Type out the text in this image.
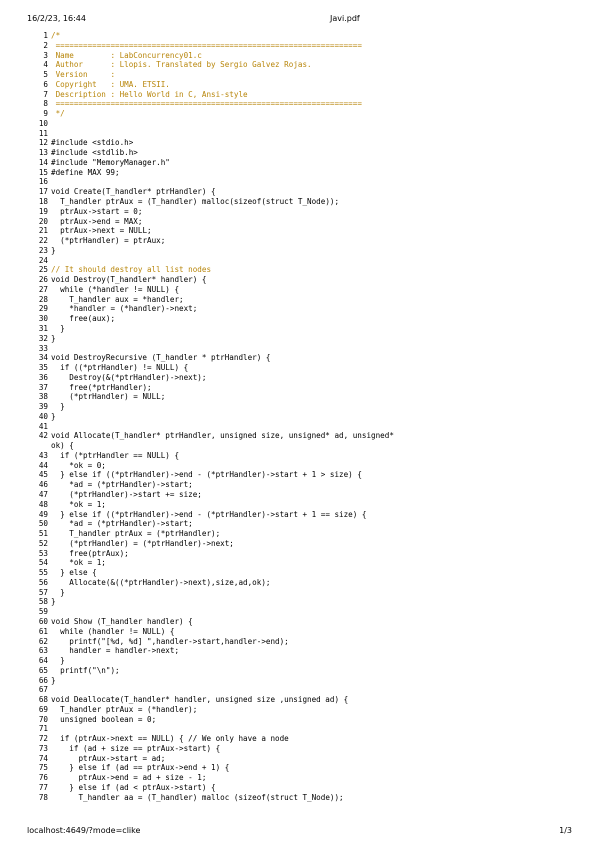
16/2/23, 16:44	Javi.pdf
1 /*
2 ===================================================================
3 Name        : LabConcurrency01.c
4 Author      : Llopis. Translated by Sergio Galvez Rojas.
5 Version     :
6 Copyright   : UMA. ETSII.
7 Description : Hello World in C, Ansi-style
8 ===================================================================
9 */
10
11
12 #include <stdio.h>
13 #include <stdlib.h>
14 #include "MemoryManager.h"
15 #define MAX 99;
16
17 void Create(T_handler* ptrHandler) {
18 T_handler ptrAux = (T_handler) malloc(sizeof(struct T_Node));
19 ptrAux->start = 0;
20 ptrAux->end = MAX;
21 ptrAux->next = NULL;
22 (*ptrHandler) = ptrAux;
23 }
24
25 // It should destroy all list nodes
26 void Destroy(T_handler* handler) {
27 while (*handler != NULL) {
28 T_handler aux = *handler;
29 *handler = (*handler)->next;
30 free(aux);
31 }
32 }
33
34 void DestroyRecursive (T_handler * ptrHandler) {
35 if ((*ptrHandler) != NULL) {
36 Destroy(&(*ptrHandler)->next);
37 free(*ptrHandler);
38 (*ptrHandler) = NULL;
39 }
40 }
41
42 void Allocate(T_handler* ptrHandler, unsigned size, unsigned* ad, unsigned*
ok) {
43 if (*ptrHandler == NULL) {
44 *ok = 0;
45 } else if ((*ptrHandler)->end - (*ptrHandler)->start + 1 > size) {
46 *ad = (*ptrHandler)->start;
47 (*ptrHandler)->start += size;
48 *ok = 1;
49 } else if ((*ptrHandler)->end - (*ptrHandler)->start + 1 == size) {
50 *ad = (*ptrHandler)->start;
51 T_handler ptrAux = (*ptrHandler);
52 (*ptrHandler) = (*ptrHandler)->next;
53 free(ptrAux);
54 *ok = 1;
55 } else {
56 Allocate(&((*ptrHandler)->next),size,ad,ok);
57 }
58 }
59
60 void Show (T_handler handler) {
61 while (handler != NULL) {
62 printf("[%d, %d] ",handler->start,handler->end);
63 handler = handler->next;
64 }
65 printf("\n");
66 }
67
68 void Deallocate(T_handler* handler, unsigned size ,unsigned ad) {
69 T_handler ptrAux = (*handler);
70 unsigned boolean = 0;
71
72 if (ptrAux->next == NULL) { // We only have a node
73 if (ad + size == ptrAux->start) {
74 ptrAux->start = ad;
75 } else if (ad == ptrAux->end + 1) {
76 ptrAux->end = ad + size - 1;
77 } else if (ad < ptrAux->start) {
78 T_handler aa = (T_handler) malloc (sizeof(struct T_Node));
localhost:4649/?mode=clike	1/3
